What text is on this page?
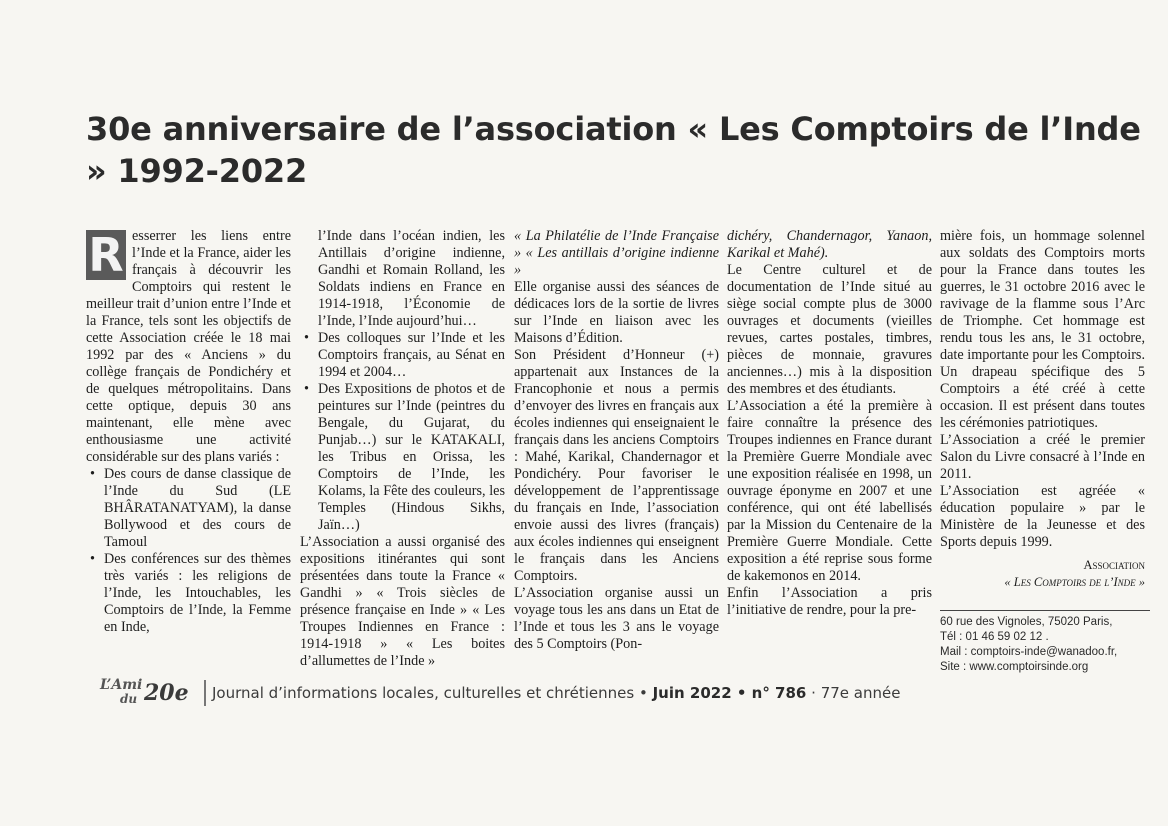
30e anniversaire de l’association « Les Comptoirs de l’Inde » 1992-2022
R esserrer les liens entre l’Inde et la France, aider les français à découvrir les Comptoirs qui restent le meilleur trait d’union entre l’Inde et la France, tels sont les objectifs de cette Association créée le 18 mai 1992 par des « Anciens » du collège français de Pondichéry et de quelques métropolitains. Dans cette optique, depuis 30 ans maintenant, elle mène avec enthousiasme une activité considérable sur des plans variés :

• Des cours de danse classique de l’Inde du Sud (LE BHÂRATANATYAM), la danse Bollywood et des cours de Tamoul
• Des conférences sur des thèmes très variés : les religions de l’Inde, les Intouchables, les Comptoirs de l’Inde, la Femme en Inde,

l’Inde dans l’océan indien, les Antillais d’origine indienne, Gandhi et Romain Rolland, les Soldats indiens en France en 1914-1918, l’Économie de l’Inde, l’Inde aujourd’hui…

• Des colloques sur l’Inde et les Comptoirs français, au Sénat en 1994 et 2004…
• Des Expositions de photos et de peintures sur l’Inde (peintres du Bengale, du Gujarat, du Punjab…) sur le KATAKALI, les Tribus en Orissa, les Comptoirs de l’Inde, les Kolams, la Fête des couleurs, les Temples (Hindous Sikhs, Jaïn…)

L’Association a aussi organisé des expositions itinérantes qui sont présentées dans toute la France « Gandhi » « Trois siècles de présence française en Inde » « Les Troupes Indiennes en France : 1914-1918 » « Les boites d’allumettes de l’Inde »

« La Philatélie de l’Inde Française » « Les antillais d’origine indienne »

Elle organise aussi des séances de dédicaces lors de la sortie de livres sur l’Inde en liaison avec les Maisons d’Édition.

Son Président d’Honneur (+) appartenait aux Instances de la Francophonie et nous a permis d’envoyer des livres en français aux écoles indiennes qui enseignaient le français dans les anciens Comptoirs : Mahé, Karikal, Chandernagor et Pondichéry. Pour favoriser le développement de l’apprentissage du français en Inde, l’association envoie aussi des livres (français) aux écoles indiennes qui enseignent le français dans les Anciens Comptoirs.

L’Association organise aussi un voyage tous les ans dans un Etat de l’Inde et tous les 3 ans le voyage des 5 Comptoirs (Pon-

dichéry, Chandernagor, Yanaon, Karikal et Mahé).

Le Centre culturel et de documentation de l’Inde situé au siège social compte plus de 3000 ouvrages et documents (vieilles revues, cartes postales, timbres, pièces de monnaie, gravures anciennes…) mis à la disposition des membres et des étudiants.

L’Association a été la première à faire connaître la présence des Troupes indiennes en France durant la Première Guerre Mondiale avec une exposition réalisée en 1998, un ouvrage éponyme en 2007 et une conférence, qui ont été labellisés par la Mission du Centenaire de la Première Guerre Mondiale. Cette exposition a été reprise sous forme de kakemonos en 2014.

Enfin l’Association a pris l’initiative de rendre, pour la pre-

mière fois, un hommage solennel aux soldats des Comptoirs morts pour la France dans toutes les guerres, le 31 octobre 2016 avec le ravivage de la flamme sous l’Arc de Triomphe. Cet hommage est rendu tous les ans, le 31 octobre, date importante pour les Comptoirs. Un drapeau spécifique des 5 Comptoirs a été créé à cette occasion. Il est présent dans toutes les cérémonies patriotiques.

L’Association a créé le premier Salon du Livre consacré à l’Inde en 2011.

L’Association est agréée « éducation populaire » par le Ministère de la Jeunesse et des Sports depuis 1999.

Association
« Les Comptoirs de l’Inde »
60 rue des Vignoles, 75020 Paris,
Tél : 01 46 59 02 12 .
Mail : comptoirs-inde@wanadoo.fr,
Site : www.comptoirsinde.org
L’Ami
du 20e	Journal d’informations locales, culturelles et chrétiennes • Juin 2022 • n° 786 · 77e année
